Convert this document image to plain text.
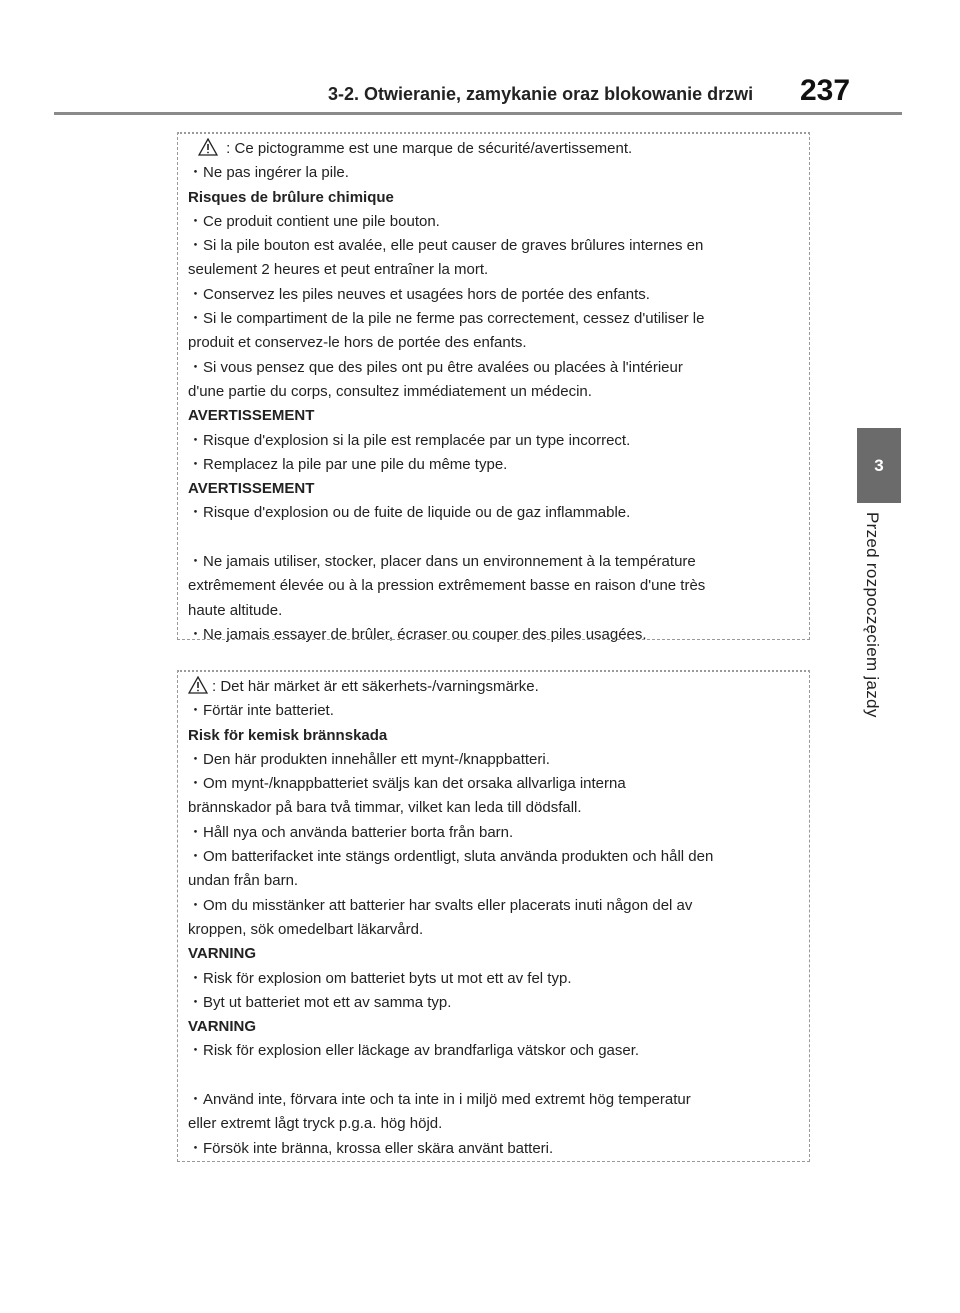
3-2. Otwieranie, zamykanie oraz blokowanie drzwi 237
3
Przed rozpoczęciem jazdy
: Ce pictogramme est une marque de sécurité/avertissement.
・Ne pas ingérer la pile.
Risques de brûlure chimique
・Ce produit contient une pile bouton.
・Si la pile bouton est avalée, elle peut causer de graves brûlures internes en
seulement 2 heures et peut entraîner la mort.
・Conservez les piles neuves et usagées hors de portée des enfants.
・Si le compartiment de la pile ne ferme pas correctement, cessez d'utiliser le
produit et conservez-le hors de portée des enfants.
・Si vous pensez que des piles ont pu être avalées ou placées à l'intérieur
d'une partie du corps, consultez immédiatement un médecin.
AVERTISSEMENT
・Risque d'explosion si la pile est remplacée par un type incorrect.
・Remplacez la pile par une pile du même type.
AVERTISSEMENT
・Risque d'explosion ou de fuite de liquide ou de gaz inflammable.
・Ne jamais utiliser, stocker, placer dans un environnement à la température
extrêmement élevée ou à la pression extrêmement basse en raison d'une très
haute altitude.
・Ne jamais essayer de brûler, écraser ou couper des piles usagées.
: Det här märket är ett säkerhets-/varningsmärke.
・Förtär inte batteriet.
Risk för kemisk brännskada
・Den här produkten innehåller ett mynt-/knappbatteri.
・Om mynt-/knappbatteriet sväljs kan det orsaka allvarliga interna
brännskador på bara två timmar, vilket kan leda till dödsfall.
・Håll nya och använda batterier borta från barn.
・Om batterifacket inte stängs ordentligt, sluta använda produkten och håll den
undan från barn.
・Om du misstänker att batterier har svalts eller placerats inuti någon del av
kroppen, sök omedelbart läkarvård.
VARNING
・Risk för explosion om batteriet byts ut mot ett av fel typ.
・Byt ut batteriet mot ett av samma typ.
VARNING
・Risk för explosion eller läckage av brandfarliga vätskor och gaser.
・Använd inte, förvara inte och ta inte in i miljö med extremt hög temperatur
eller extremt lågt tryck p.g.a. hög höjd.
・Försök inte bränna, krossa eller skära använt batteri.
